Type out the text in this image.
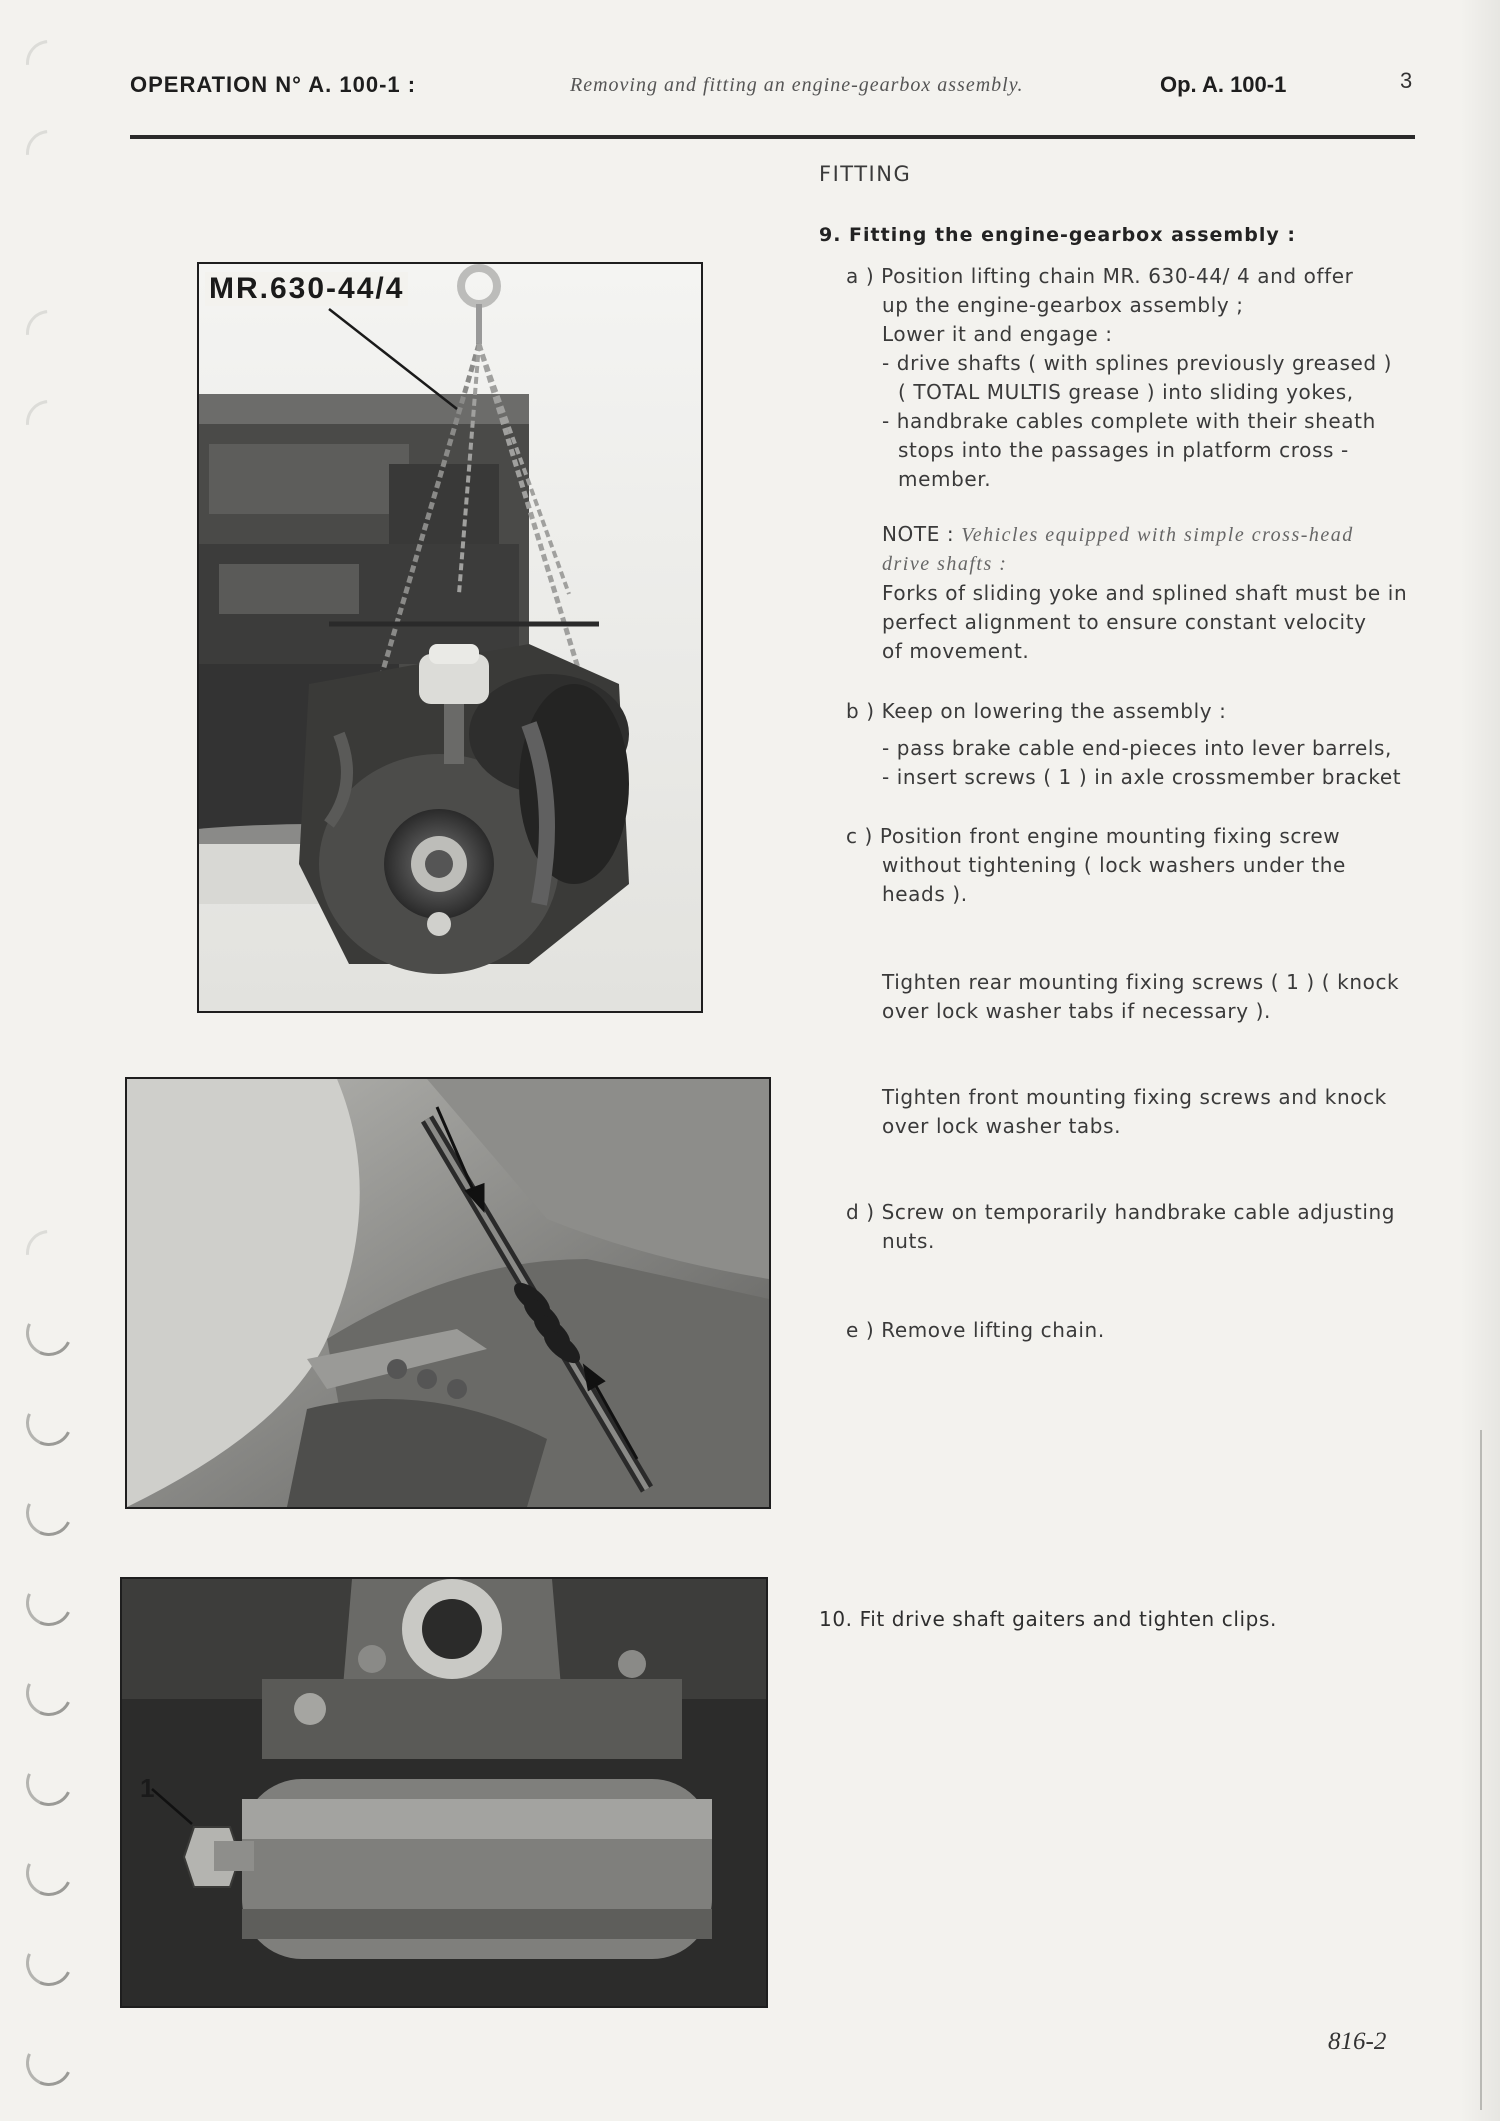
OPERATION N° A. 100-1 :	Removing and fitting an engine-gearbox assembly.	Op. A. 100-1	3
MR.630-44/4
1
FITTING
9. Fitting the engine-gearbox assembly :
a ) Position lifting chain MR. 630-44/ 4 and offer
up the engine-gearbox assembly ;
Lower it and engage :
- drive shafts ( with splines previously greased )
( TOTAL MULTIS grease ) into sliding yokes,
- handbrake cables complete with their sheath
stops into the passages in platform cross -
member.
NOTE : Vehicles equipped with simple cross-head
drive shafts :
Forks of sliding yoke and splined shaft must be in
perfect alignment to ensure constant velocity
of movement.
b ) Keep on lowering the assembly :
- pass brake cable end-pieces into lever barrels,
- insert screws ( 1 ) in axle crossmember bracket
c ) Position front engine mounting fixing screw
without tightening ( lock washers under the
heads ).
Tighten rear mounting fixing screws ( 1 ) ( knock
over lock washer tabs if necessary ).
Tighten front mounting fixing screws and knock
over lock washer tabs.
d ) Screw on temporarily handbrake cable adjusting
nuts.
e ) Remove lifting chain.
10. Fit drive shaft gaiters and tighten clips.
816-2
